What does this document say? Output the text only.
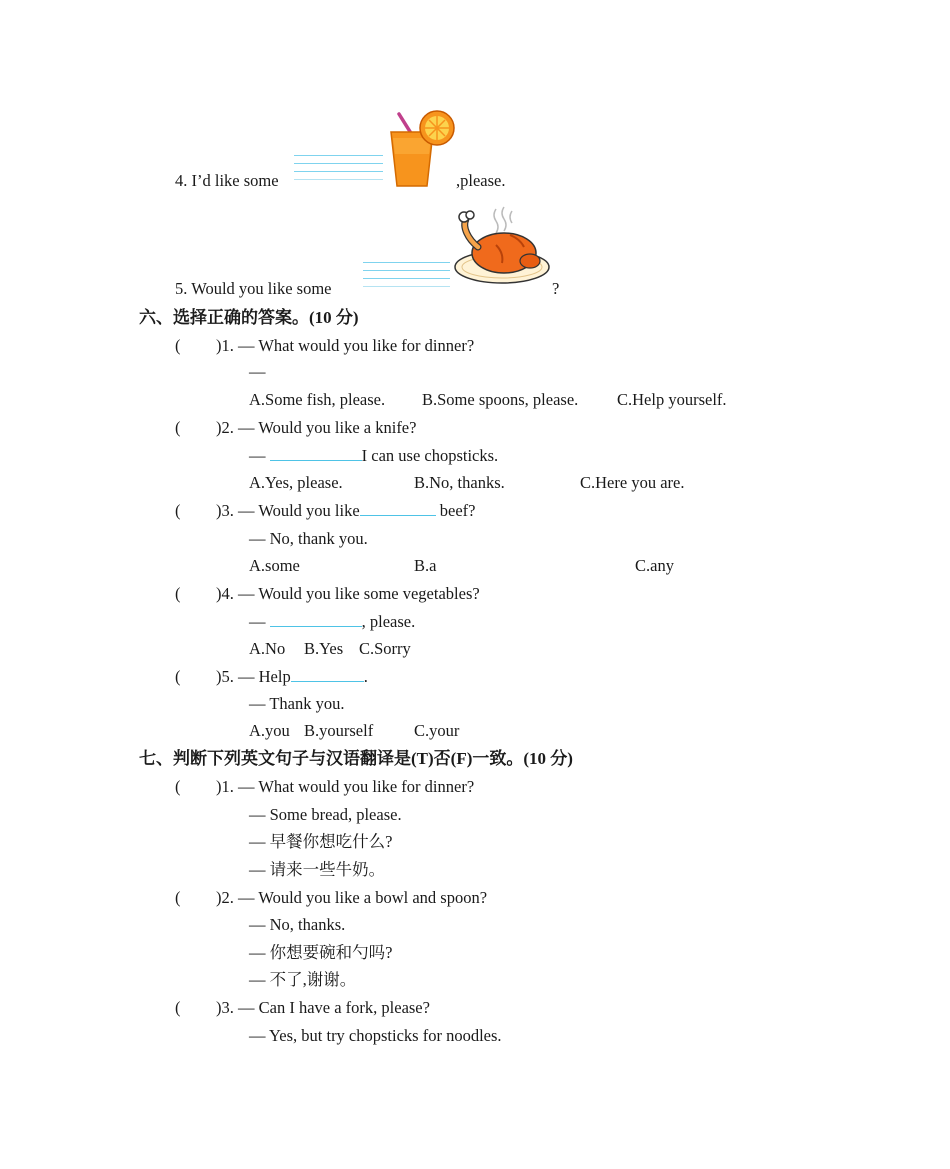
4. I’d like some	,please.
5. Would you like some	?
六、选择正确的答案。(10 分)
( )1. — What would you like for dinner?
—
A.Some fish, please. B.Some spoons, please. C.Help yourself.
( )2. — Would you like a knife?
—	I can use chopsticks.
A.Yes, please.	B.No, thanks.	C.Here you are.
( )3. — Would you like	beef?
— No, thank you.
A.some	B.a	C.any
( )4. — Would you like some vegetables?
—	, please.
A.No B.Yes C.Sorry
( )5. — Help	.
— Thank you.
A.you B.yourself C.your
七、判断下列英文句子与汉语翻译是(T)否(F)一致。(10 分)
( )1. — What would you like for dinner?
— Some bread, please.
— 早餐你想吃什么?
— 请来一些牛奶。
( )2. — Would you like a bowl and spoon?
— No, thanks.
— 你想要碗和勺吗?
— 不了,谢谢。
( )3. — Can I have a fork, please?
— Yes, but try chopsticks for noodles.
